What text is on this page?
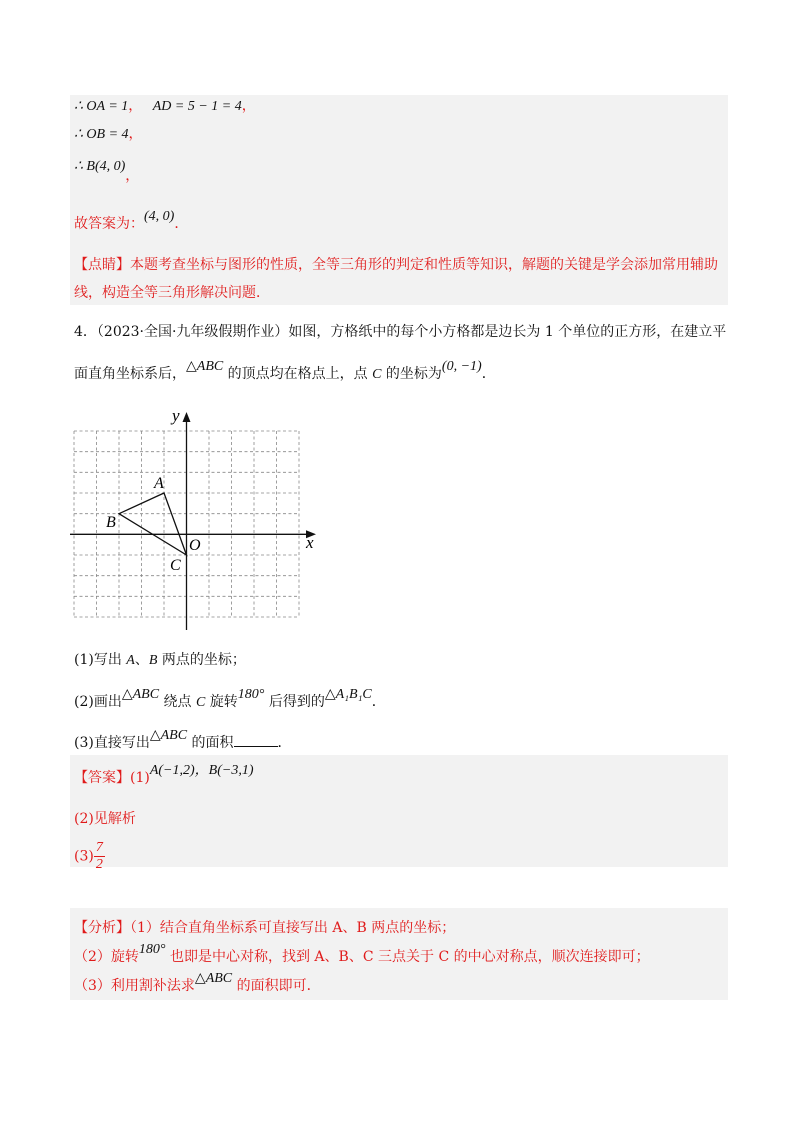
∴ OA = 1， AD = 5 − 1 = 4，
∴ OB = 4，
∴ B(4, 0)，
故答案为：(4, 0)．
【点睛】本题考查坐标与图形的性质，全等三角形的判定和性质等知识，解题的关键是学会添加常用辅助
线，构造全等三角形解决问题．
4．（2023·全国·九年级假期作业）如图，方格纸中的每个小方格都是边长为 1 个单位的正方形，在建立平
面直角坐标系后，△ABC 的顶点均在格点上，点 C 的坐标为(0, −1)．
y
x
A
B
O
C
(1)写出 A、B 两点的坐标；
(2)画出△ABC 绕点 C 旋转180° 后得到的△A₁B₁C．
(3)直接写出△ABC 的面积	．
【答案】(1)A(−1,2)，B(−3,1)
(2)见解析
$(3) \frac{7}{2}$
【分析】（1）结合直角坐标系可直接写出 A、B 两点的坐标；
（2）旋转180° 也即是中心对称，找到 A、B、C 三点关于 C 的中心对称点，顺次连接即可；
（3）利用割补法求△ABC 的面积即可．
